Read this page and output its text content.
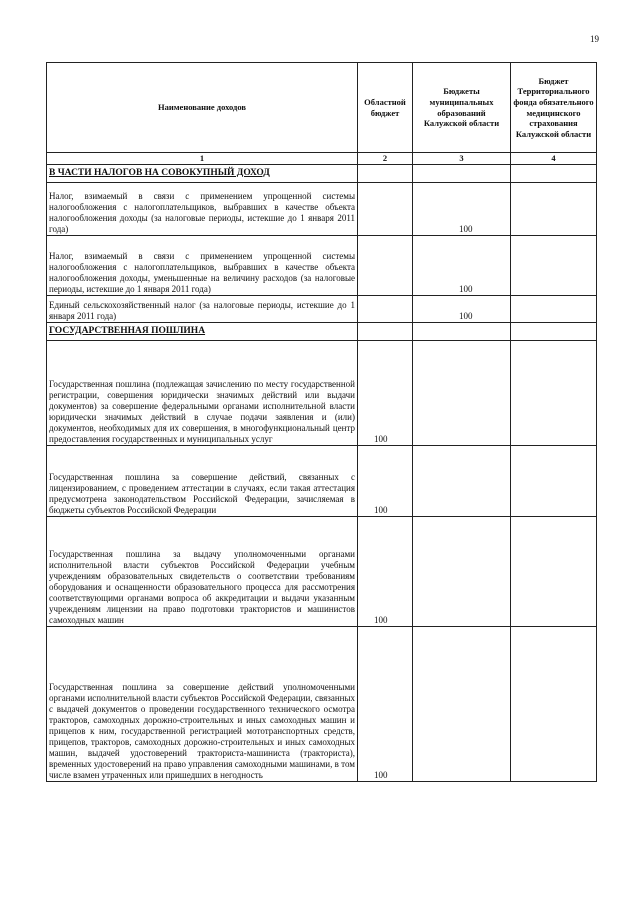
19
Наименование доходов	Областной бюджет	Бюджеты муниципальных образований Калужской области	Бюджет Территориального фонда обязательного медицинского страхования Калужской области
1	2	3	4
В ЧАСТИ НАЛОГОВ НА СОВОКУПНЫЙ ДОХОД			
Налог, взимаемый в связи с применением упрощенной системы налогообложения с налогоплательщиков, выбравших в качестве объекта налогообложения доходы (за налоговые периоды, истекшие до 1 января 2011 года)		100	
Налог, взимаемый в связи с применением упрощенной системы налогообложения с налогоплательщиков, выбравших в качестве объекта налогообложения доходы, уменьшенные на величину расходов (за налоговые периоды, истекшие до 1 января 2011 года)		100	
Единый сельскохозяйственный налог (за налоговые периоды, истекшие до 1 января 2011 года)		100	
ГОСУДАРСТВЕННАЯ ПОШЛИНА			

Государственная пошлина (подлежащая зачислению по месту государственной регистрации, совершения юридически значимых действий или выдачи документов) за совершение федеральными органами исполнительной власти юридически значимых действий в случае подачи заявления и (или) документов, необходимых для их совершения, в многофункциональный центр предоставления государственных и муниципальных услуг	100		
Государственная пошлина за совершение действий, связанных с лицензированием, с проведением аттестации в случаях, если такая аттестация предусмотрена законодательством Российской Федерации, зачисляемая в бюджеты субъектов Российской Федерации	100		
Государственная пошлина за выдачу уполномоченными органами исполнительной власти субъектов Российской Федерации учебным учреждениям образовательных свидетельств о соответствии требованиям оборудования и оснащенности образовательного процесса для рассмотрения соответствующими органами вопроса об аккредитации и выдачи указанным учреждениям лицензии на право подготовки трактористов и машинистов самоходных машин	100		
Государственная пошлина за совершение действий уполномоченными органами исполнительной власти субъектов Российской Федерации, связанных с выдачей документов о проведении государственного технического осмотра тракторов, самоходных дорожно-строительных и иных самоходных машин и прицепов к ним, государственной регистрацией мототранспортных средств, прицепов, тракторов, самоходных дорожно-строительных и иных самоходных машин, выдачей удостоверений тракториста-машиниста (тракториста), временных удостоверений на право управления самоходными машинами, в том числе взамен утраченных или пришедших в негодность	100		
